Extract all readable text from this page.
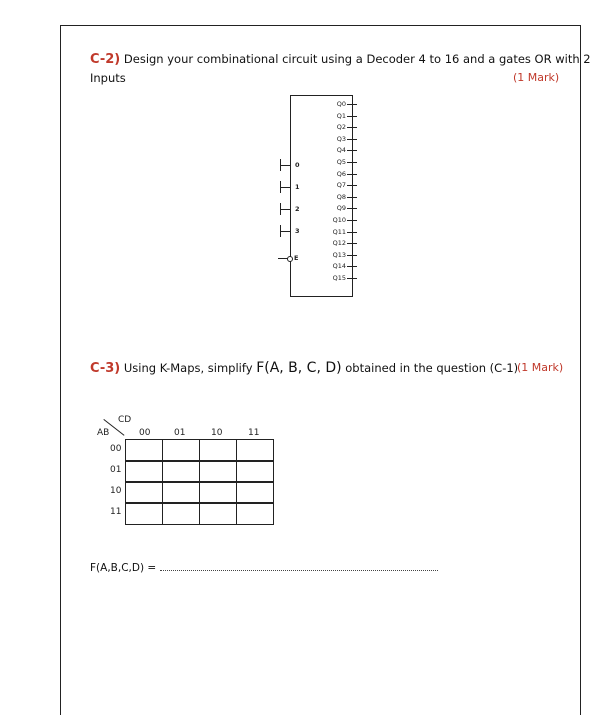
C-2) Design your combinational circuit using a Decoder 4 to 16 and a gates OR with 2
Inputs	(1 Mark)
Q0
Q1
Q2
Q3
Q4
Q5
Q6
Q7
Q8
Q9
Q10
Q11
Q12
Q13
Q14
Q15
0
1
2
3
E
C-3) Using K-Maps, simplify F(A, B, C, D) obtained in the question (C-1)
(1 Mark)
CD
AB	00	01	10	11
00
01
10
11
F(A,B,C,D) =
